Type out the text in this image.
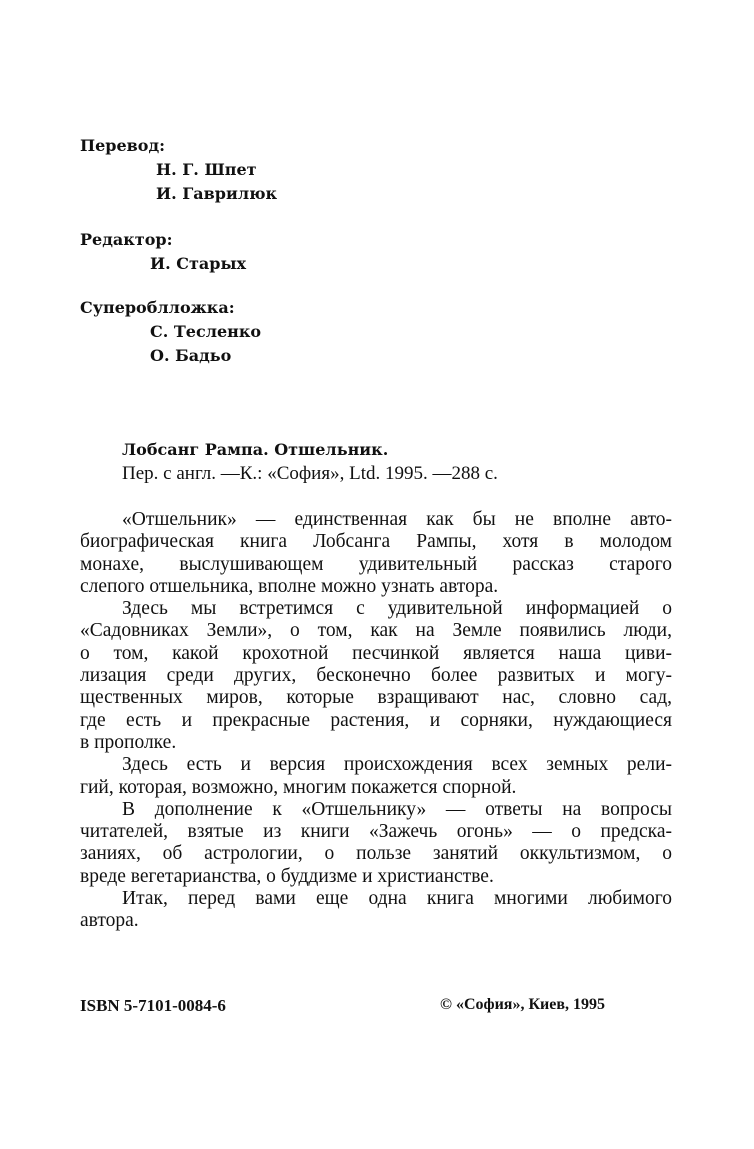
Перевод:
Н. Г. Шпет
И. Гаврилюк
Редактор:
И. Старых
Супероблложка:
С. Тесленко
О. Бадьо
Лобсанг Рампа. Отшельник.
Пер. с англ. —К.: «София», Ltd. 1995. —288 с.
«Отшельник» — единственная как бы не вполне авто-
биографическая книга Лобсанга Рампы, хотя в молодом
монахе, выслушивающем удивительный рассказ старого
слепого отшельника, вполне можно узнать автора.
Здесь мы встретимся с удивительной информацией о
«Садовниках Земли», о том, как на Земле появились люди,
о том, какой крохотной песчинкой является наша циви-
лизация среди других, бесконечно более развитых и могу-
щественных миров, которые взращивают нас, словно сад,
где есть и прекрасные растения, и сорняки, нуждающиеся
в прополке.
Здесь есть и версия происхождения всех земных рели-
гий, которая, возможно, многим покажется спорной.
В дополнение к «Отшельнику» — ответы на вопросы
читателей, взятые из книги «Зажечь огонь» — о предска-
заниях, об астрологии, о пользе занятий оккультизмом, о
вреде вегетарианства, о буддизме и христианстве.
Итак, перед вами еще одна книга многими любимого
автора.
ISBN 5-7101-0084-6	© «София», Киев, 1995
